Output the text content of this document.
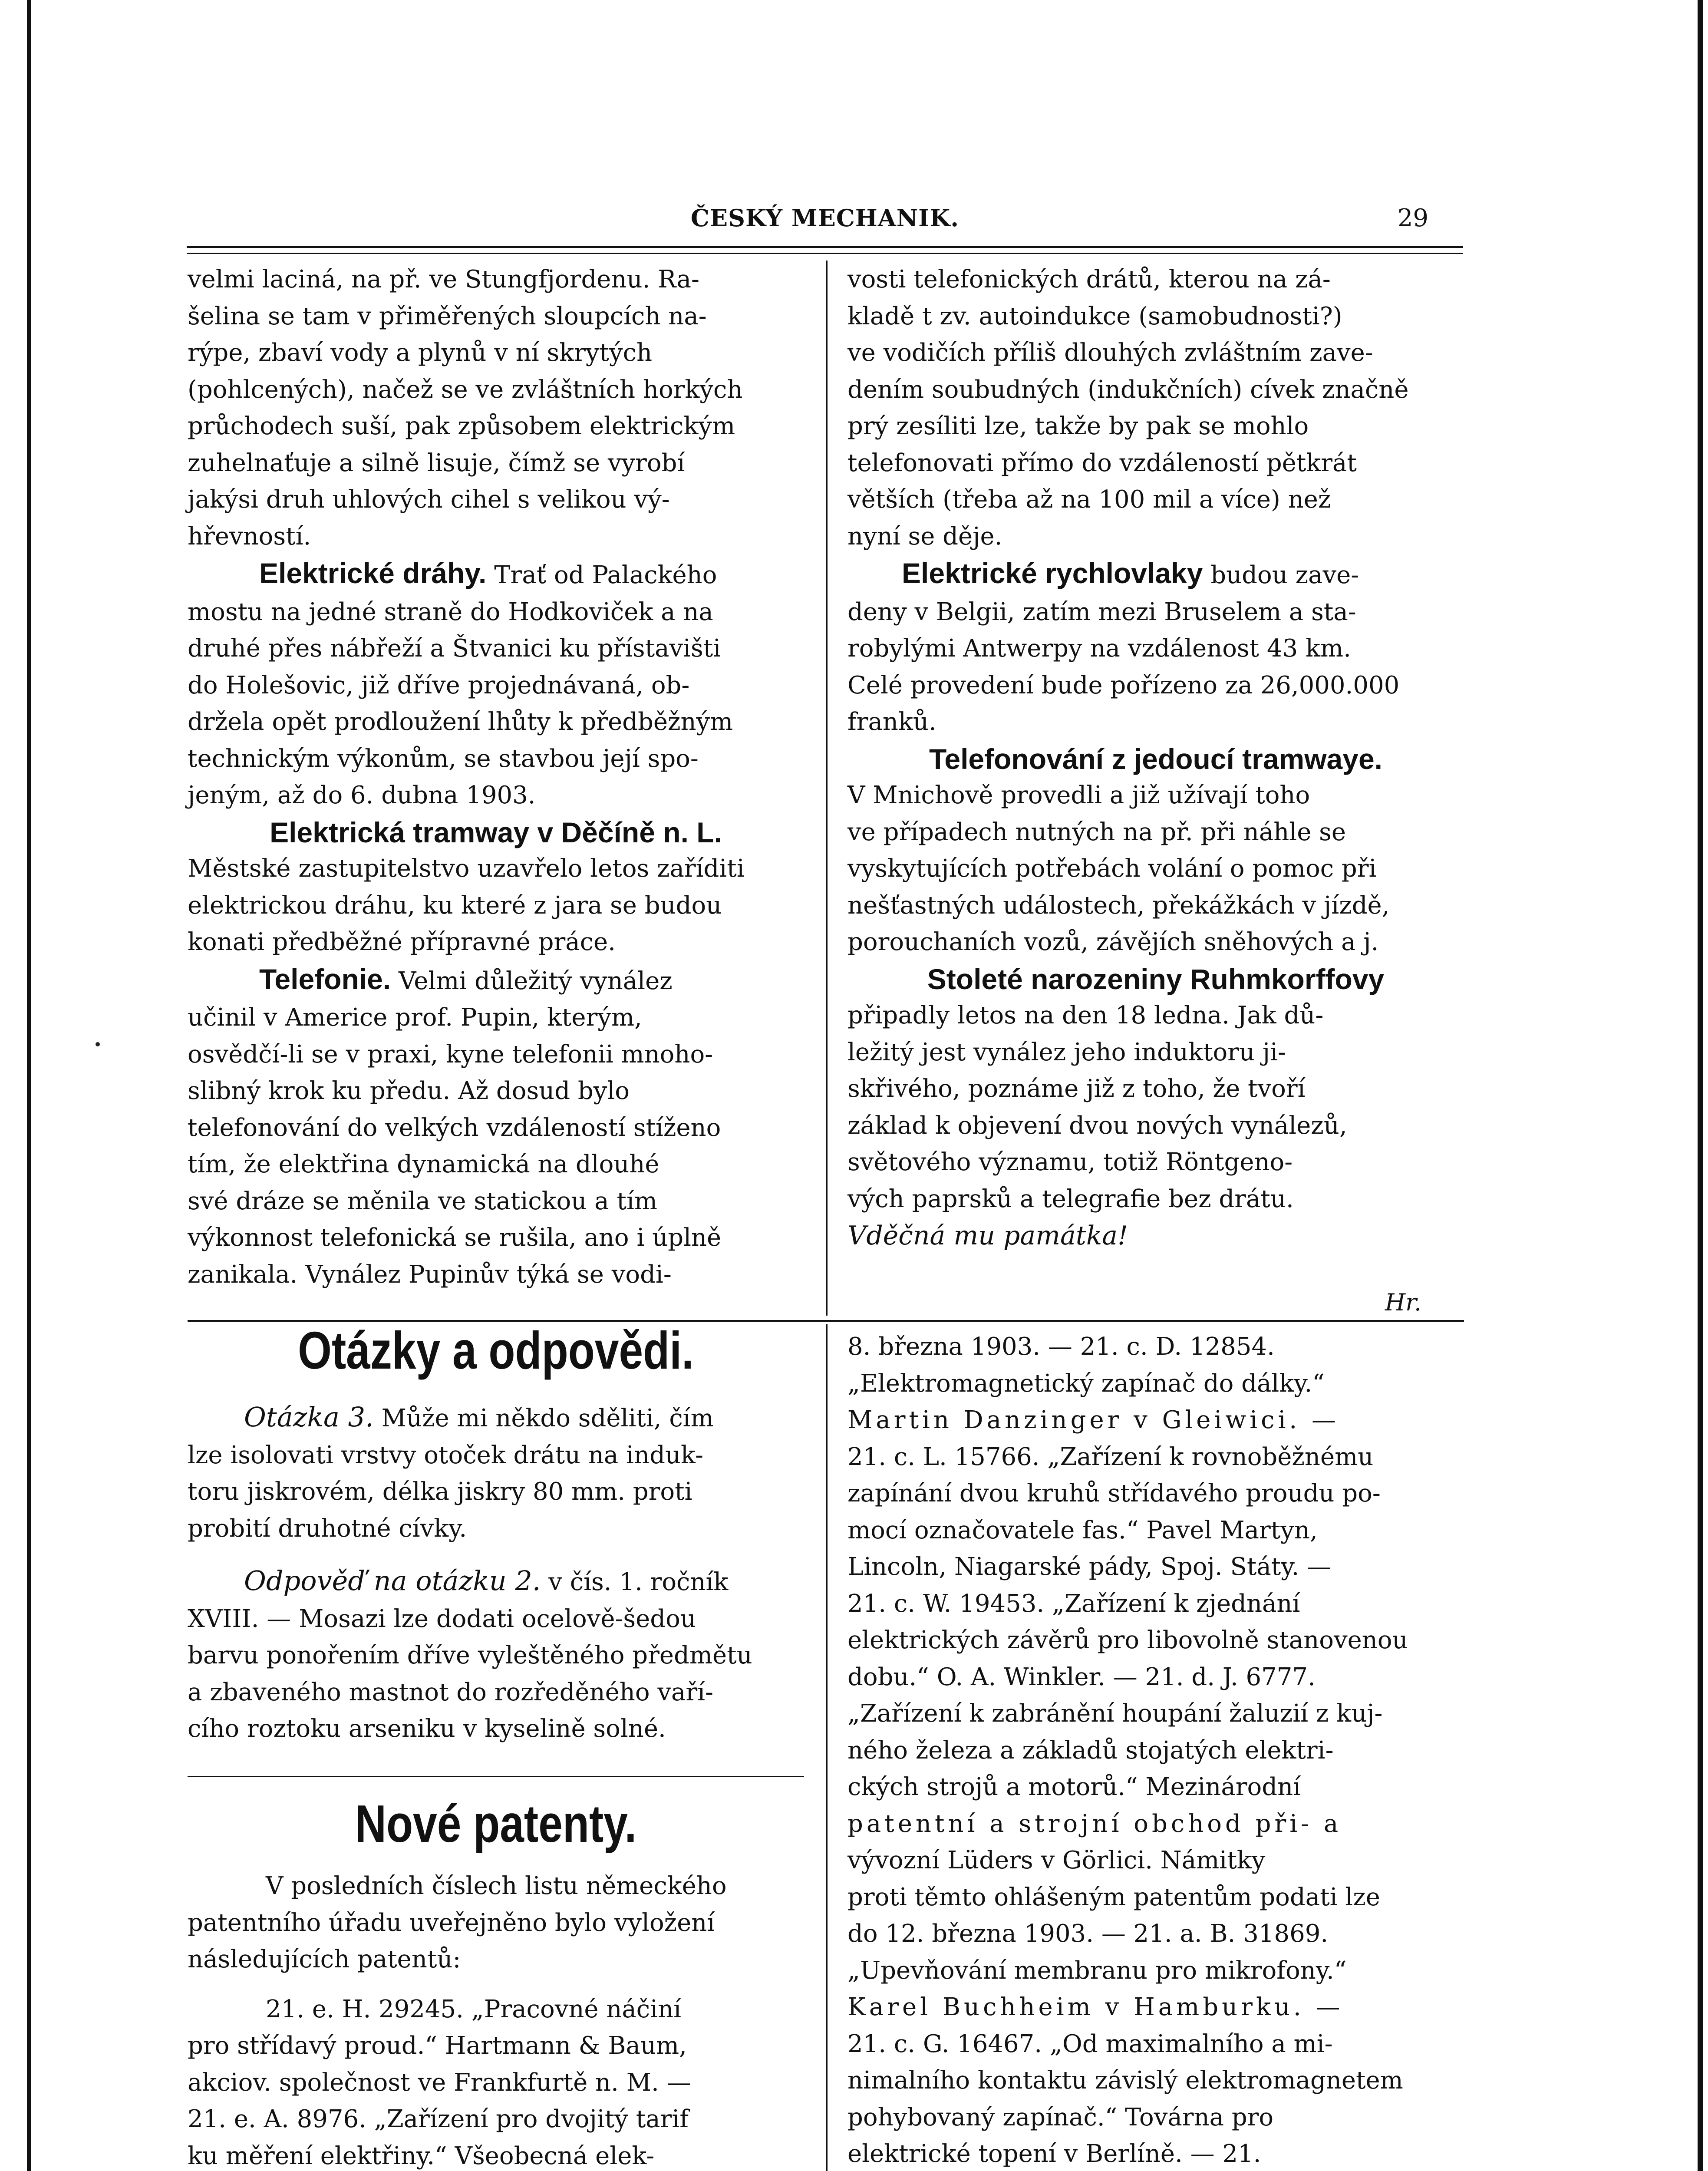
ČESKÝ MECHANIK.	29
velmi laciná, na př. ve Stungfjordenu. Ra-
šelina se tam v přiměřených sloupcích na-
rýpe, zbaví vody a plynů v ní skrytých
(pohlcených), načež se ve zvláštních horkých
průchodech suší, pak způsobem elektrickým
zuhelnaťuje a silně lisuje, čímž se vyrobí
jakýsi druh uhlových cihel s velikou vý-
hřevností.
Elektrické dráhy. Trať od Palackého
mostu na jedné straně do Hodkoviček a na
druhé přes nábřeží a Štvanici ku přístavišti
do Holešovic, již dříve projednávaná, ob-
držela opět prodloužení lhůty k předběžným
technickým výkonům, se stavbou její spo-
jeným, až do 6. dubna 1903.
Elektrická tramway v Děčíně n. L.
Městské zastupitelstvo uzavřelo letos zaříditi
elektrickou dráhu, ku které z jara se budou
konati předběžné přípravné práce.
Telefonie. Velmi důležitý vynález
učinil v Americe prof. Pupin, kterým,
osvědčí-li se v praxi, kyne telefonii mnoho-
slibný krok ku předu. Až dosud bylo
telefonování do velkých vzdáleností stíženo
tím, že elektřina dynamická na dlouhé
své dráze se měnila ve statickou a tím
výkonnost telefonická se rušila, ano i úplně
zanikala. Vynález Pupinův týká se vodi-
vosti telefonických drátů, kterou na zá-
kladě t zv. autoindukce (samobudnosti?)
ve vodičích příliš dlouhých zvláštním zave-
dením soubudných (indukčních) cívek značně
prý zesíliti lze, takže by pak se mohlo
telefonovati přímo do vzdáleností pětkrát
větších (třeba až na 100 mil a více) než
nyní se děje.
Elektrické rychlovlaky budou zave-
deny v Belgii, zatím mezi Bruselem a sta-
robylými Antwerpy na vzdálenost 43 km.
Celé provedení bude pořízeno za 26,000.000
franků.
Telefonování z jedoucí tramwaye.
V Mnichově provedli a již užívají toho
ve případech nutných na př. při náhle se
vyskytujících potřebách volání o pomoc při
nešťastných událostech, překážkách v jízdě,
porouchaních vozů, závějích sněhových a j.
Stoleté narozeniny Ruhmkorffovy
připadly letos na den 18 ledna. Jak dů-
ležitý jest vynález jeho induktoru ji-
skřivého, poznáme již z toho, že tvoří
základ k objevení dvou nových vynálezů,
světového významu, totiž Röntgeno-
vých paprsků a telegrafie bez drátu.
Vděčná mu památka!
Hr.
Otázky a odpovědi.
Otázka 3. Může mi někdo sděliti, čím
lze isolovati vrstvy otoček drátu na induk-
toru jiskrovém, délka jiskry 80 mm. proti
probití druhotné cívky.
Odpověď na otázku 2. v čís. 1. ročník
XVIII. — Mosazi lze dodati ocelově-šedou
barvu ponořením dříve vyleštěného předmětu
a zbaveného mastnot do rozředěného vaří-
cího roztoku arseniku v kyselině solné.
Nové patenty.
V posledních číslech listu německého
patentního úřadu uveřejněno bylo vyložení
následujících patentů:
21. e. H. 29245. „Pracovné náčiní
pro střídavý proud.“ Hartmann & Baum,
akciov. společnost ve Frankfurtě n. M. —
21. e. A. 8976. „Zařízení pro dvojitý tarif
ku měření elektřiny.“ Všeobecná elek-
8. března 1903. — 21. c. D. 12854.
„Elektromagnetický zapínač do dálky.“
Martin Danzinger v Gleiwici. —
21. c. L. 15766. „Zařízení k rovnoběžnému
zapínání dvou kruhů střídavého proudu po-
mocí označovatele fas.“ Pavel Martyn,
Lincoln, Niagarské pády, Spoj. Státy. —
21. c. W. 19453. „Zařízení k zjednání
elektrických závěrů pro libovolně stanovenou
dobu.“ O. A. Winkler. — 21. d. J. 6777.
„Zařízení k zabránění houpání žaluzií z kuj-
ného železa a základů stojatých elektri-
ckých strojů a motorů.“ Mezinárodní
patentní a strojní obchod při- a
vývozní Lüders v Görlici. Námitky
proti těmto ohlášeným patentům podati lze
do 12. března 1903. — 21. a. B. 31869.
„Upevňování membranu pro mikrofony.“
Karel Buchheim v Hamburku. —
21. c. G. 16467. „Od maximalního a mi-
nimalního kontaktu závislý elektromagnetem
pohybovaný zapínač.“ Továrna pro
elektrické topení v Berlíně. — 21.
